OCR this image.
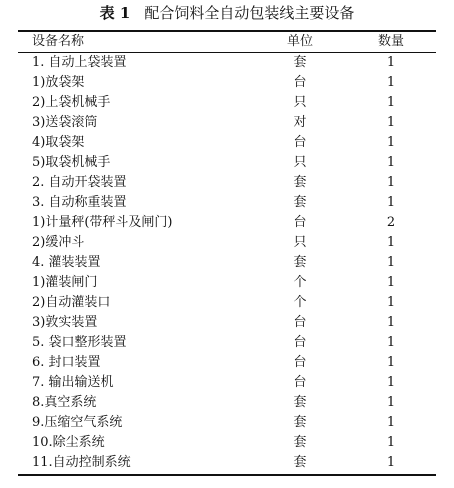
表 1 配合饲料全自动包装线主要设备
设备名称	单位	数量
1. 自动上袋装置	套	1
1)放袋架	台	1
2)上袋机械手	只	1
3)送袋滚筒	对	1
4)取袋架	台	1
5)取袋机械手	只	1
2. 自动开袋装置	套	1
3. 自动称重装置	套	1
1)计量秤(带秤斗及闸门)	台	2
2)缓冲斗	只	1
4. 灌装装置	套	1
1)灌装闸门	个	1
2)自动灌装口	个	1
3)敦实装置	台	1
5. 袋口整形装置	台	1
6. 封口装置	台	1
7. 输出输送机	台	1
8.真空系统	套	1
9.压缩空气系统	套	1
10.除尘系统	套	1
11.自动控制系统	套	1
